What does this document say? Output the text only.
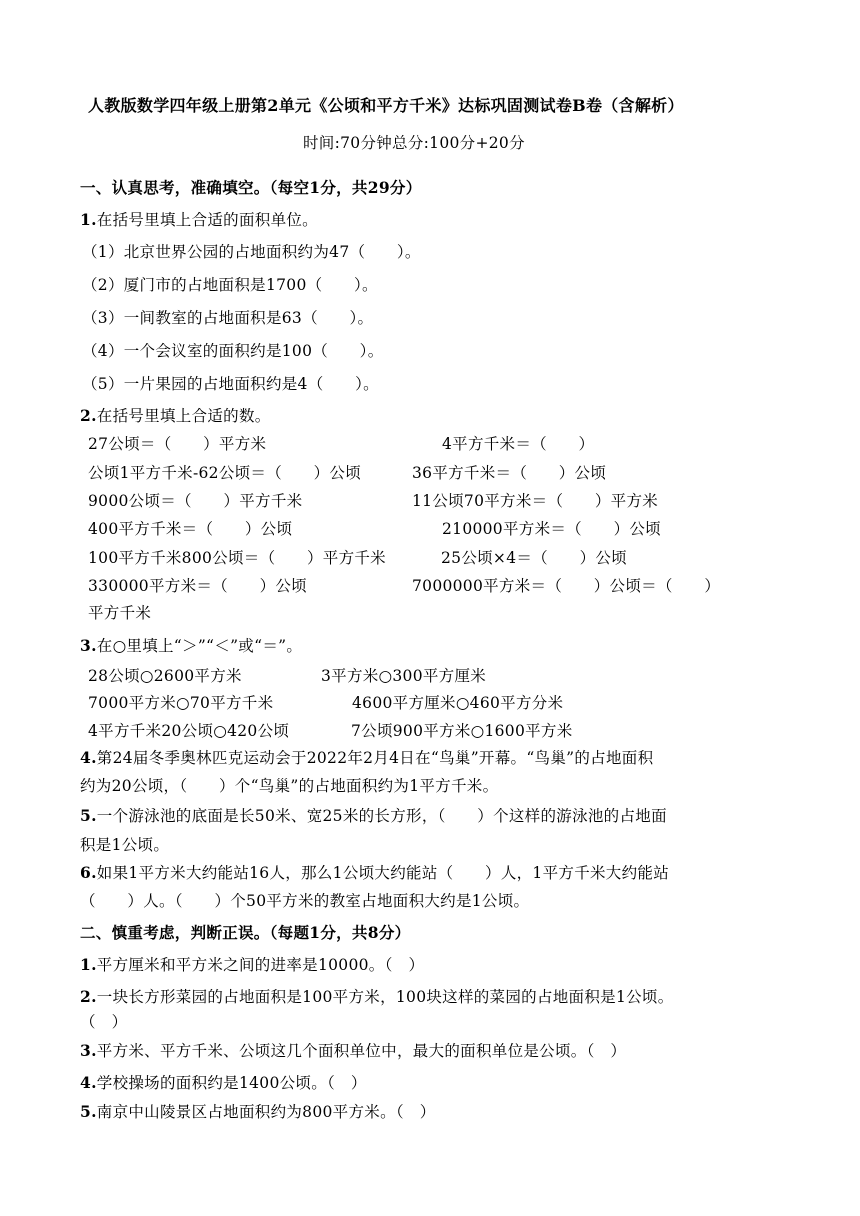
人教版数学四年级上册第2单元《公顷和平方千米》达标巩固测试卷B卷（含解析）
时间:70分钟总分:100分+20分
一、认真思考，准确填空。（每空1分，共29分）
1.在括号里填上合适的面积单位。
（1）北京世界公园的占地面积约为47（　　）。
（2）厦门市的占地面积是1700（　　）。
（3）一间教室的占地面积是63（　　）。
（4）一个会议室的面积约是100（　　）。
（5）一片果园的占地面积约是4（　　）。
2.在括号里填上合适的数。
27公顷＝（　　）平方米	4平方千米＝（　　）
公顷1平方千米-62公顷＝（　　）公顷	36平方千米＝（　　）公顷
9000公顷＝（　　）平方千米	11公顷70平方米＝（　　）平方米
400平方千米＝（　　）公顷	210000平方米＝（　　）公顷
100平方千米800公顷＝（　　）平方千米	25公顷×4＝（　　）公顷
330000平方米＝（　　）公顷	7000000平方米＝（　　）公顷＝（　　）
平方千米
3.在○里填上“＞”“＜”或“＝”。
28公顷○2600平方米	3平方米○300平方厘米
7000平方米○70平方千米	4600平方厘米○460平方分米
4平方千米20公顷○420公顷	7公顷900平方米○1600平方米
4.第24届冬季奥林匹克运动会于2022年2月4日在“鸟巢”开幕。“鸟巢”的占地面积
约为20公顷，（　　）个“鸟巢”的占地面积约为1平方千米。
5.一个游泳池的底面是长50米、宽25米的长方形，（　　）个这样的游泳池的占地面
积是1公顷。
6.如果1平方米大约能站16人，那么1公顷大约能站（　　）人，1平方千米大约能站
（　　）人。（　　）个50平方米的教室占地面积大约是1公顷。
二、慎重考虑，判断正误。（每题1分，共8分）
1.平方厘米和平方米之间的进率是10000。（　）
2.一块长方形菜园的占地面积是100平方米，100块这样的菜园的占地面积是1公顷。
（　）
3.平方米、平方千米、公顷这几个面积单位中，最大的面积单位是公顷。（　）
4.学校操场的面积约是1400公顷。（　）
5.南京中山陵景区占地面积约为800平方米。（　）
